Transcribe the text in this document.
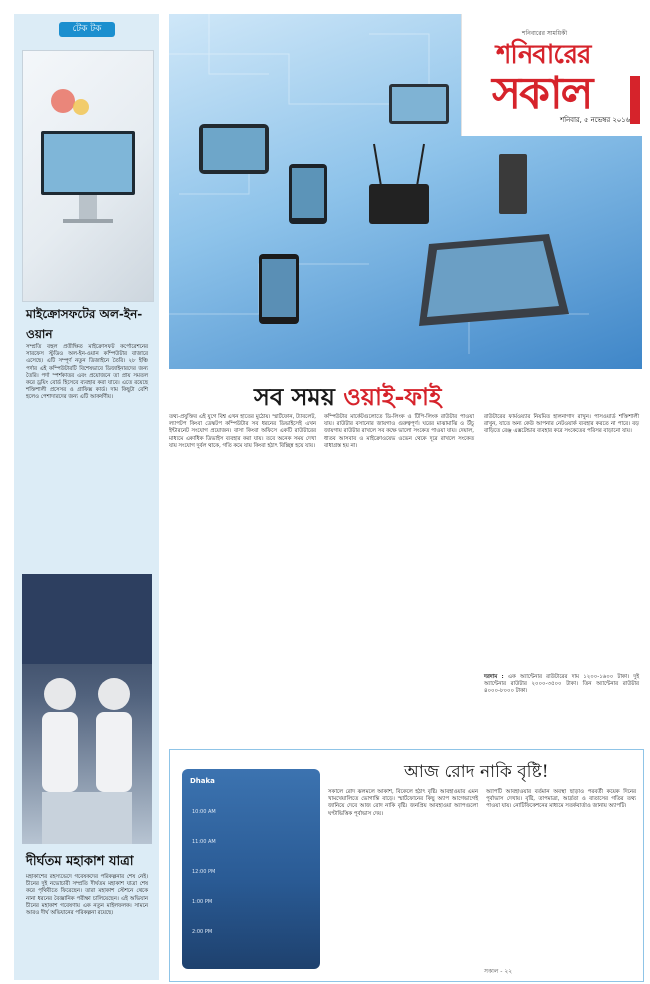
টেক টক
মাইক্রোসফটের অল-ইন-ওয়ান
সম্প্রতি বহুল প্রতীক্ষিত মাইক্রোসফট কর্পোরেশনের সারফেস স্টুডিও অল-ইন-ওয়ান কম্পিউটার বাজারে এসেছে। এটি সম্পূর্ণ নতুন ডিজাইনে তৈরি। ২৮ ইঞ্চি পর্দার এই কম্পিউটারটি বিশেষভাবে ডিজাইনারদের জন্য তৈরি। পর্দা স্পর্শকাতর এবং প্রয়োজনে তা প্রায় সমতল করে ড্রয়িং বোর্ড হিসেবে ব্যবহার করা যাবে। এতে রয়েছে শক্তিশালী প্রসেসর ও গ্রাফিক্স কার্ড। দাম কিছুটা বেশি হলেও পেশাদারদের জন্য এটি আকর্ষণীয়।
দীর্ঘতম মহাকাশ যাত্রা
মহাকাশের রহস্যভেদে গবেষকদের পরিকল্পনার শেষ নেই। চীনের দুই নভোচারী সম্প্রতি দীর্ঘতম মহাকাশ যাত্রা শেষ করে পৃথিবীতে ফিরেছেন। তারা মহাকাশ স্টেশনে থেকে নানা ধরনের বৈজ্ঞানিক পরীক্ষা চালিয়েছেন। এই অভিযান চীনের মহাকাশ গবেষণায় এক নতুন মাইলফলক। সামনে আরও দীর্ঘ অভিযানের পরিকল্পনা রয়েছে।
শনিবারের সাময়িকী
শনিবারের
সকাল
শনিবার, ৫ নভেম্বর ২০১৬
সব সময় ওয়াই-ফাই
তথ্য-প্রযুক্তির এই যুগে বিশ্ব এখন হাতের মুঠোয়। স্মার্টফোন, ট্যাবলেট, ল্যাপটপ কিংবা ডেস্কটপ কম্পিউটার সব ধরনের ডিভাইসেই এখন ইন্টারনেট সংযোগ প্রয়োজন। বাসা কিংবা অফিসে একটি রাউটারের মাধ্যমে একাধিক ডিভাইস ব্যবহার করা যায়। তবে অনেক সময় দেখা যায় সংযোগ দুর্বল থাকে, গতি কমে যায় কিংবা হঠাৎ বিচ্ছিন্ন হয়ে যায়।
কম্পিউটার মার্কেটগুলোতে ডি-লিংক ও টিপি-লিংক রাউটার পাওয়া যায়। রাউটার বসানোর জায়গাও গুরুত্বপূর্ণ। ঘরের মাঝামাঝি ও উঁচু জায়গায় রাউটার রাখলে সব কক্ষে ভালো সংকেত পাওয়া যায়। দেয়াল, ধাতব আসবাব ও মাইক্রোওয়েভ ওভেন থেকে দূরে রাখলে সংকেত বাধাগ্রস্ত হয় না।
রাউটারের ফার্মওয়্যার নিয়মিত হালনাগাদ রাখুন। পাসওয়ার্ড শক্তিশালী রাখুন, যাতে অন্য কেউ আপনার নেটওয়ার্ক ব্যবহার করতে না পারে। বড় বাড়িতে রেঞ্জ এক্সটেন্ডার ব্যবহার করে সংকেতের পরিসর বাড়ানো যায়।
দরদাম : এক অ্যান্টেনার রাউটারের দাম ১২০০-১৬০০ টাকা। দুই অ্যান্টেনার রাউটার ২০০০-৩৫০০ টাকা। তিন অ্যান্টেনার রাউটার ৪০০০-৮০০০ টাকা।
আজ রোদ নাকি বৃষ্টি!
Dhaka
10:00 AM
11:00 AM
12:00 PM
1:00 PM
2:00 PM
সকালে রোদ ঝলমলে আকাশ, বিকেলে হঠাৎ বৃষ্টি। আবহাওয়ার এমন খামখেয়ালিতে ভোগান্তি বাড়ে। স্মার্টফোনের কিছু অ্যাপ আগেভাগেই জানিয়ে দেবে আজ রোদ নাকি বৃষ্টি। জনপ্রিয় আবহাওয়া অ্যাপগুলো ঘণ্টাভিত্তিক পূর্বাভাস দেয়।
অ্যাপটি আবহাওয়ার বর্তমান অবস্থা ছাড়াও পরবর্তী কয়েক দিনের পূর্বাভাস দেখায়। বৃষ্টি, তাপমাত্রা, আর্দ্রতা ও বাতাসের গতির তথ্য পাওয়া যায়। নোটিফিকেশনের মাধ্যমে সতর্কবার্তাও জানায় অ্যাপটি।
সকাল - ২২
